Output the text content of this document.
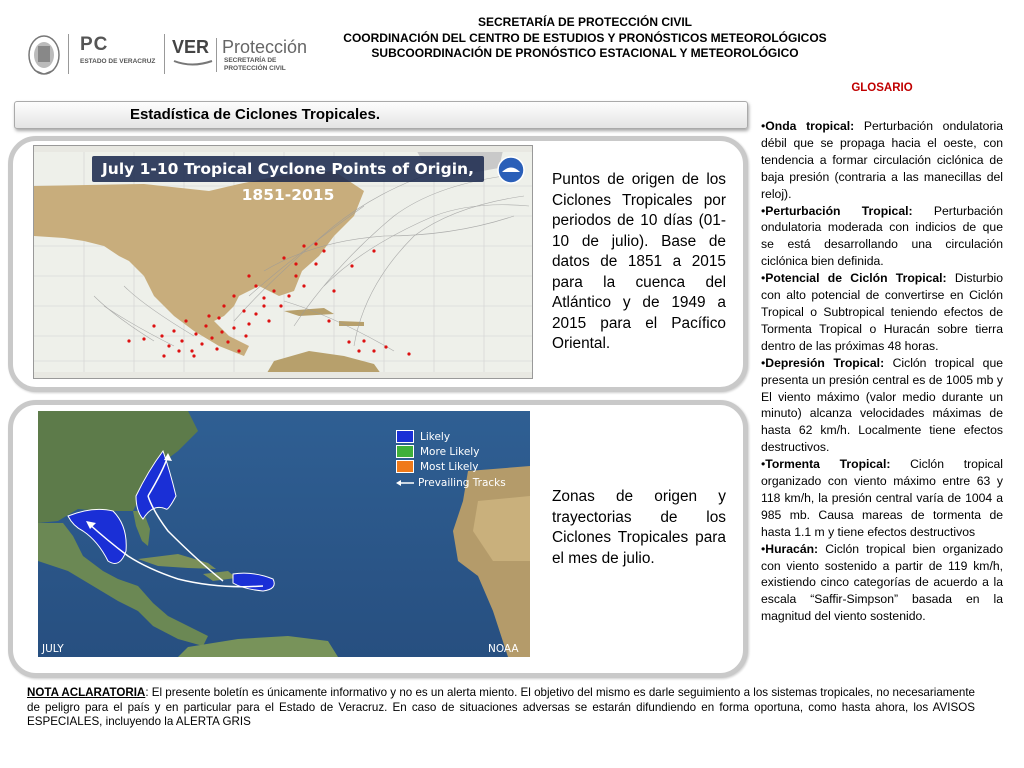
SECRETARÍA DE PROTECCIÓN CIVIL
COORDINACIÓN DEL CENTRO DE ESTUDIOS Y PRONÓSTICOS METEOROLÓGICOS
SUBCOORDINACIÓN DE PRONÓSTICO ESTACIONAL Y METEOROLÓGICO
PC
ESTADO DE VERACRUZ
VER Protección
SECRETARÍA DE
PROTECCIÓN CIVIL
Estadística de Ciclones Tropicales.
July 1-10 Tropical Cyclone Points of Origin, 1851-2015
Puntos de origen de los Ciclones Tropicales por periodos de 10 días (01-10 de julio). Base de datos de 1851 a 2015 para la cuenca del Atlántico y de 1949 a 2015 para el Pacífico Oriental.
Likely
More Likely
Most Likely
Prevailing Tracks
JULY	NOAA
Zonas de origen y trayectorias de los Ciclones Tropicales para el mes de julio.
GLOSARIO

•Onda tropical: Perturbación ondulatoria débil que se propaga hacia el oeste, con tendencia a formar circulación ciclónica de baja presión (contraria a las manecillas del reloj).

•Perturbación Tropical: Perturbación ondulatoria moderada con indicios de que se está desarrollando una circulación ciclónica bien definida.

•Potencial de Ciclón Tropical: Disturbio con alto potencial de convertirse en Ciclón Tropical o Subtropical teniendo efectos de Tormenta Tropical o Huracán sobre tierra dentro de las próximas 48 horas.

•Depresión Tropical: Ciclón tropical que presenta un presión central es de 1005 mb y El viento máximo (valor medio durante un minuto) alcanza velocidades máximas de hasta 62 km/h. Localmente tiene efectos destructivos.

•Tormenta Tropical: Ciclón tropical organizado con viento máximo entre 63 y 118 km/h, la presión central varía de 1004 a 985 mb. Causa mareas de tormenta de hasta 1.1 m y tiene efectos destructivos

•Huracán: Ciclón tropical bien organizado con viento sostenido a partir de 119 km/h, existiendo cinco categorías de acuerdo a la escala “Saffir-Simpson” basada en la magnitud del viento sostenido.

NOTA ACLARATORIA: El presente boletín es únicamente informativo y no es un alerta miento. El objetivo del mismo es darle seguimiento a los sistemas tropicales, no necesariamente de peligro para el país y en particular para el Estado de Veracruz. En caso de situaciones adversas se estarán difundiendo en forma oportuna, como hasta ahora, los AVISOS ESPECIALES, incluyendo la ALERTA GRIS
